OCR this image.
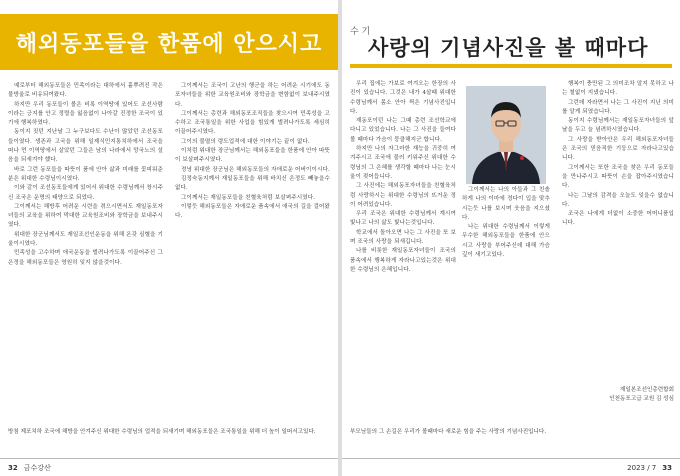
해외동포들을 한품에 안으시고

예로부터 해외동포들은 민족이라는 대하에서 흩뿌려진 작은 물방울로 비유되여왔다.

하지만 우리 동포들이 볼은 비록 이역땅에 있어도 조선사람이라는 긍지를 안고 정렬을 잃음없이 나아갈 진정한 조국이 있기에 행복하였다.

동이지 짓던 지난날 그 누구보다도 수난이 많았던 조선동포들이였다. 생존과 고국을 위해 일제식민지통치하에서 조국을 떠나 먼 이역땅에서 살았던 그들은 남의 나라에서 망국노의 설음을 되새겨야 했다.

바로 그런 동포들을 따뜻이 품에 안아 삶과 미래를 꽃피워준 분은 위대한 수령님이시였다.

이와 같이 조선동포들에게 있어서 위대한 수령님께서 창시주신 조국은 운명의 태양으로 되었다.

그이께서는 해방후 어려운 시련을 겪으시면서도 재일동포자녀들의 교육을 위하여 막대한 교육원조비와 장학금을 보내주시였다.

위대한 장군님께서도 재일조선인운동을 위해 온갖 심혈을 기울이시였다.

민족성을 고수하며 애국운동을 벌려나가도록 이끌어주신 그 은정을 해외동포들은 영원히 잊지 않을것이다.

그이께서는 조국이 고난의 행군을 하는 어려운 시기에도 동포자녀들을 위한 교육원조비와 장학금을 변함없이 보내주시였다.

그이께서는 총련과 해외동포조직들을 찾으시여 민족성을 고수하고 조국통일을 위한 사업을 힘있게 벌려나가도록 세심히 이끌어주시였다.

그이의 불멸의 령도업적에 대한 이야기는 끝이 없다.

이처럼 위대한 장군님께서는 해외동포들을 한품에 안아 따뜻이 보살펴주시였다.

정녕 위대한 장군님은 해외동포들의 자애로운 어버이이시다.

김정숙동지께서 재일동포들을 위해 바치신 은정도 빼놓을수 없다.

그이께서는 재일동포들을 친혈육처럼 보살펴주시였다.

이렇듯 해외동포들은 자애로운 품속에서 애국의 길을 걸어왔다.

방침 제포치하 조국에 해방을 안겨주신 위대한 수령님의 업적을 되새기며 해외동포들은 조국통일을 위해 더 높이 일떠서고있다.
32 금수강산
수 기
사랑의 기념사진을 볼 때마다

우리 집에는 가보로 여겨오는 한장의 사진이 있습니다. 그것은 내가 4살때 위대한 수령님께서 몸소 안아 찍은 기념사진입니다.

재동포이던 나는 그때 총련 조선학교에 다니고 있었습니다. 나는 그 사진을 들여다볼 때마다 가슴이 뭉클해지군 합니다.

하지만 나의 자그마한 재능을 귀중히 여겨주시고 조국에 불러 키워주신 위대한 수령님의 그 은혜를 생각할 때마다 나는 눈시울이 젖어듭니다.

그 사진에는 해외동포자녀들을 친혈육처럼 사랑하시는 위대한 수령님의 뜨거운 정이 어려있습니다.

우리 조국은 위대한 수령님께서 계시여 빛나고 나의 삶도 빛나는것입니다.

학교에서 돌아오면 나는 그 사진을 또 보며 조국의 사랑을 되새깁니다.

나를 비롯한 재일동포자녀들이 조국의 품속에서 행복하게 자라나고있는것은 위대한 수령님의 은혜입니다.

그이께서는 나의 아들과 그 친솔하게 나의 이마에 정다이 입을 맞추시는듯 나를 보시며 웃음을 지으셨다.

나는 위대한 수령님께서 이렇게 무수한 해외동포들을 한품에 안으시고 사랑을 부어주신데 대해 가슴깊이 새기고있다.

행복이 충만된 그 의미조차 알지 못하고 나는 철없이 지냈습니다.

그런데 자라면서 나는 그 사진이 지닌 의미를 알게 되였습니다.

동이지 수령님께서는 재일동포자녀들의 앞날을 두고 늘 념려하시였습니다.

그 사랑을 받아안은 우리 해외동포자녀들은 조국의 믿음직한 기둥으로 자라나고있습니다.

그이께서는 또한 조국을 찾은 우리 동포들을 만나주시고 따뜻이 손을 잡아주시였습니다.

나는 그날의 감격을 오늘도 잊을수 없습니다.

조국은 나에게 더없이 소중한 어머니품입니다.

재일본조선인총련합회
인천동포고급 교원 김 성심
부모님들의 그 손길은 우리가 볼때마다 새로운 힘을 주는 사랑의 기념사진입니다.
2023 / 7 33
